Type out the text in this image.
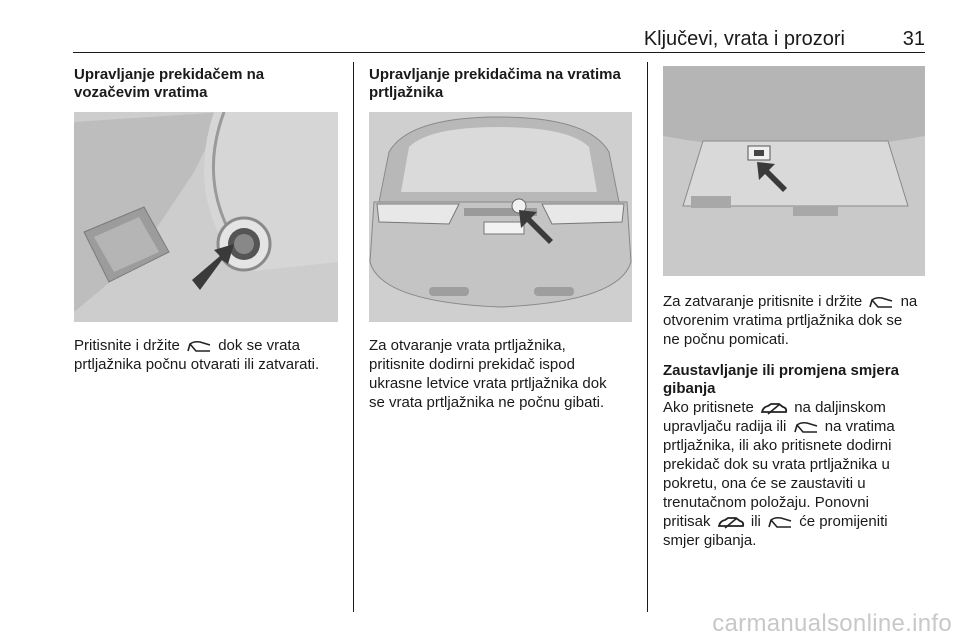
Ključevi, vrata i prozori	31
Upravljanje prekidačem na
vozačevim vratima
Pritisnite i držite  dok se vrata
prtljažnika počnu otvarati ili zatvarati.
Upravljanje prekidačima na vratima
prtljažnika
Za otvaranje vrata prtljažnika,
pritisnite dodirni prekidač ispod
ukrasne letvice vrata prtljažnika dok
se vrata prtljažnika ne počnu gibati.
Za zatvaranje pritisnite i držite  na
otvorenim vratima prtljažnika dok se
ne počnu pomicati.
Zaustavljanje ili promjena smjera
gibanja
Ako pritisnete  na daljinskom
upravljaču radija ili  na vratima
prtljažnika, ili ako pritisnete dodirni
prekidač dok su vrata prtljažnika u
pokretu, ona će se zaustaviti u
trenutačnom položaju. Ponovni
pritisak  ili  će promijeniti
smjer gibanja.
carmanualsonline.info
